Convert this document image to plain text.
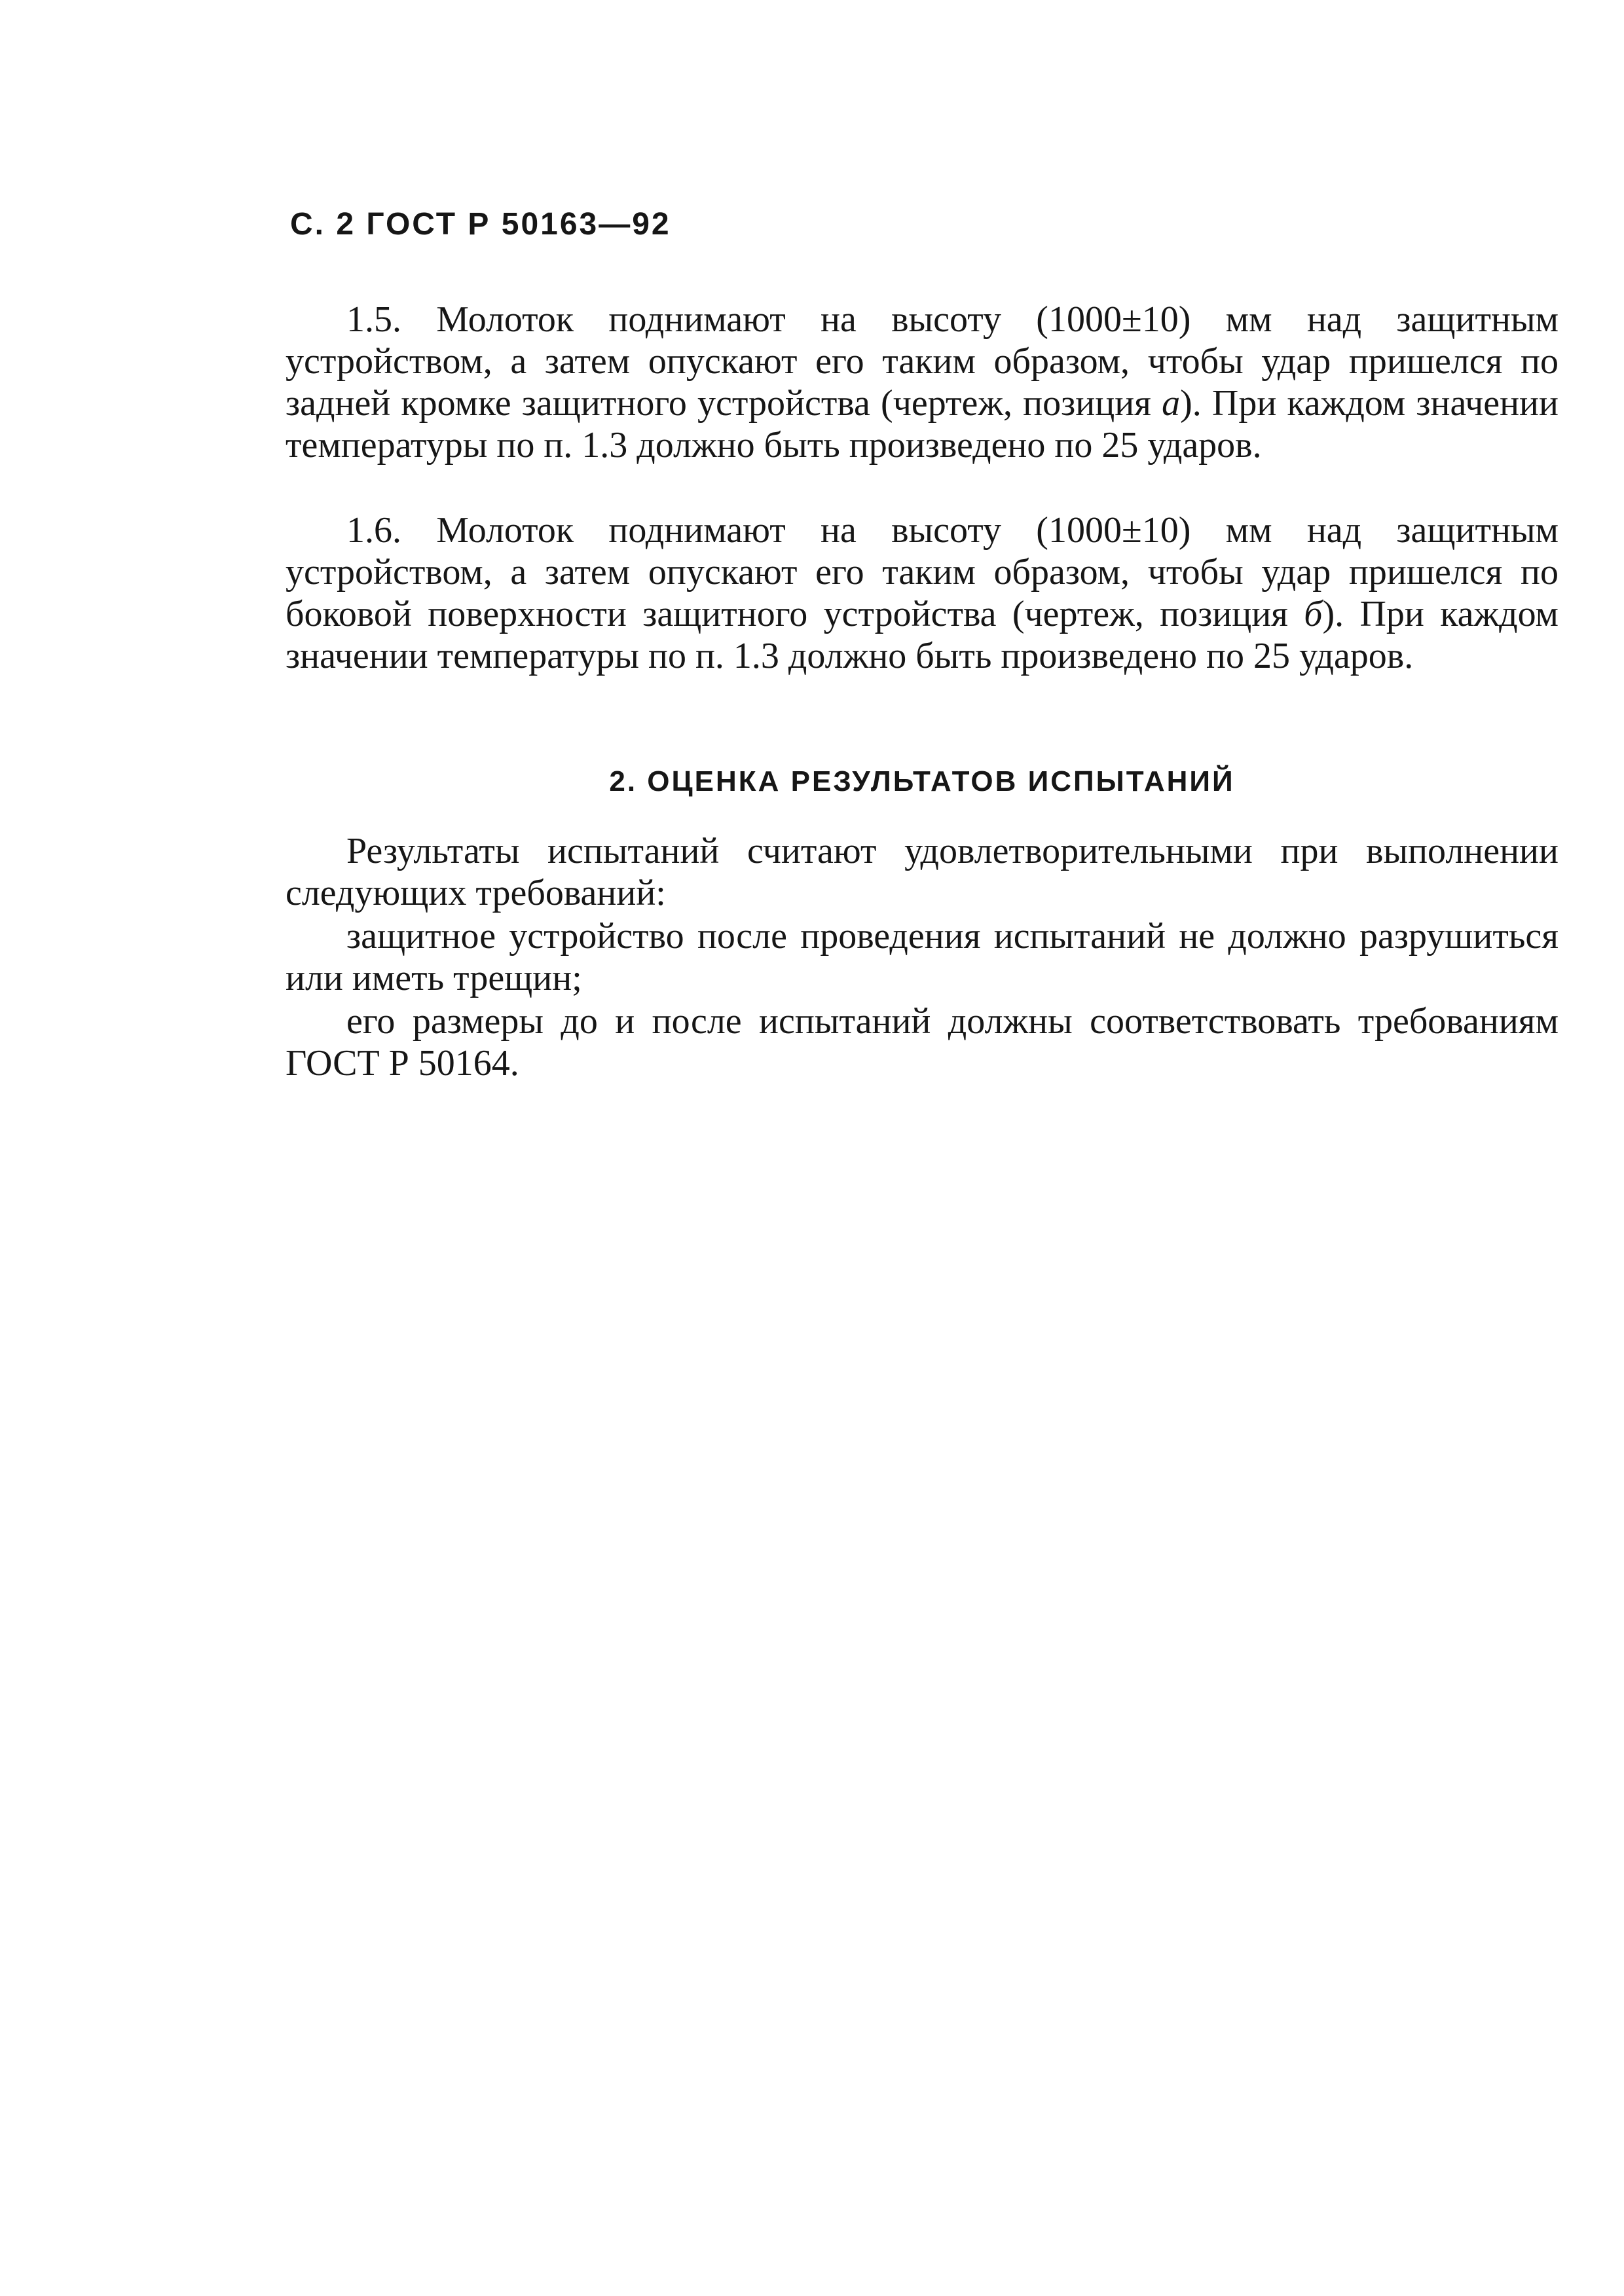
С. 2 ГОСТ Р 50163—92

1.5. Молоток поднимают на высоту (1000±10) мм над защитным устройством, а затем опускают его таким образом, чтобы удар пришелся по задней кромке защитного устройства (чертеж, позиция а). При каждом значении температуры по п. 1.3 должно быть произведено по 25 ударов.

1.6. Молоток поднимают на высоту (1000±10) мм над защитным устройством, а затем опускают его таким образом, чтобы удар пришелся по боковой поверхности защитного устройства (чертеж, позиция б). При каждом значении температуры по п. 1.3 должно быть произведено по 25 ударов.

2. ОЦЕНКА РЕЗУЛЬТАТОВ ИСПЫТАНИЙ

Результаты испытаний считают удовлетворительными при выполнении следующих требований:

защитное устройство после проведения испытаний не должно разрушиться или иметь трещин;

его размеры до и после испытаний должны соответствовать требованиям ГОСТ Р 50164.
